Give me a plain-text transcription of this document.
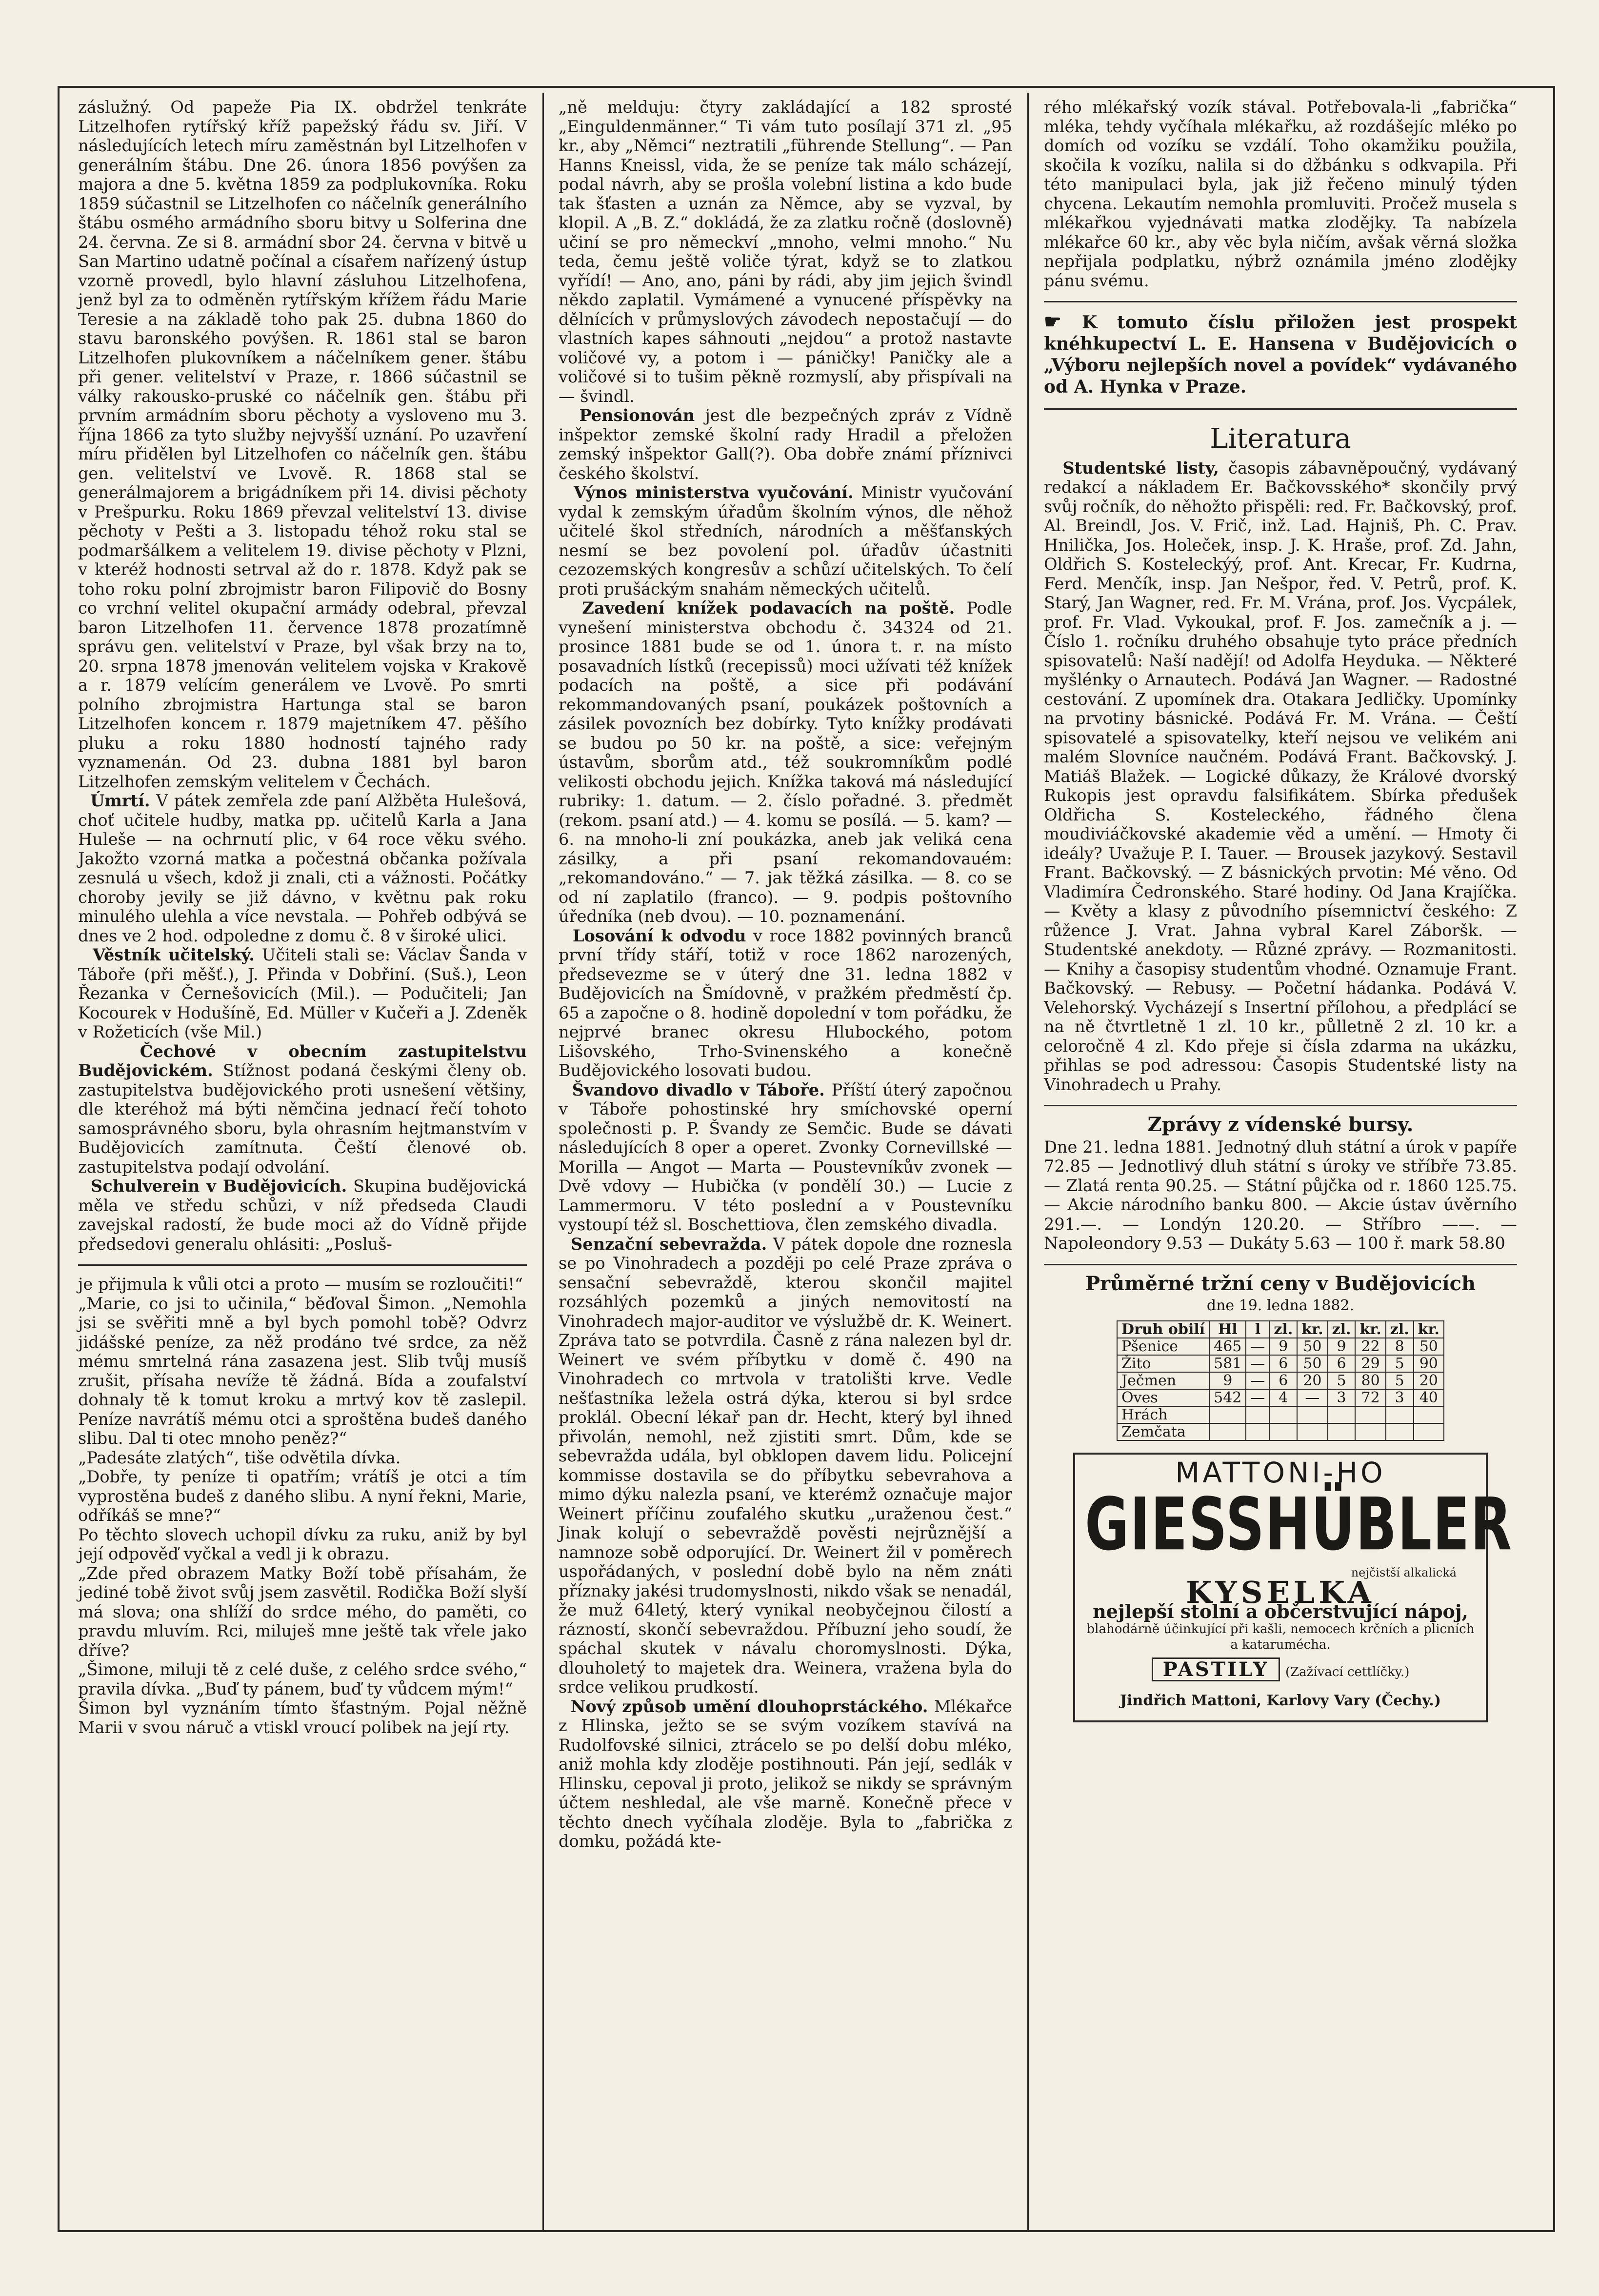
záslužný. Od papeže Pia IX. obdržel tenkráte Litzelhofen rytířský kříž papežský řádu sv. Jiří. V následujících letech míru zaměstnán byl Litzelhofen v generálním štábu. Dne 26. února 1856 povýšen za majora a dne 5. května 1859 za podplukovníka. Roku 1859 súčastnil se Litzelhofen co náčelník generálního štábu osmého armádního sboru bitvy u Solferina dne 24. června. Ze si 8. armádní sbor 24. června v bitvě u San Martino udatně počínal a císařem nařízený ústup vzorně provedl, bylo hlavní zásluhou Litzelhofena, jenž byl za to odměněn rytířským křížem řádu Marie Teresie a na základě toho pak 25. dubna 1860 do stavu baronského povýšen. R. 1861 stal se baron Litzelhofen plukovníkem a náčelníkem gener. štábu při gener. velitelství v Praze, r. 1866 súčastnil se války rakousko-pruské co náčelník gen. štábu při prvním armádním sboru pěchoty a vysloveno mu 3. října 1866 za tyto služby nejvyšší uznání. Po uzavření míru přidělen byl Litzelhofen co náčelník gen. štábu gen. velitelství ve Lvově. R. 1868 stal se generálmajorem a brigádníkem při 14. divisi pěchoty v Prešpurku. Roku 1869 převzal velitelství 13. divise pěchoty v Pešti a 3. listopadu téhož roku stal se podmaršálkem a velitelem 19. divise pěchoty v Plzni, v kteréž hodnosti setrval až do r. 1878. Když pak se toho roku polní zbrojmistr baron Filipovič do Bosny co vrchní velitel okupační armády odebral, převzal baron Litzelhofen 11. července 1878 prozatímně správu gen. velitelství v Praze, byl však brzy na to, 20. srpna 1878 jmenován velitelem vojska v Krakově a r. 1879 velícím generálem ve Lvově. Po smrti polního zbrojmistra Hartunga stal se baron Litzelhofen koncem r. 1879 majetníkem 47. pěšího pluku a roku 1880 hodností tajného rady vyznamenán. Od 23. dubna 1881 byl baron Litzelhofen zemským velitelem v Čechách.

Úmrtí. V pátek zemřela zde paní Alžběta Hulešová, choť učitele hudby, matka pp. učitelů Karla a Jana Huleše — na ochrnutí plic, v 64 roce věku svého. Jakožto vzorná matka a počestná občanka požívala zesnulá u všech, kdož ji znali, cti a vážnosti. Počátky choroby jevily se již dávno, v květnu pak roku minulého ulehla a více nevstala. — Pohřeb odbývá se dnes ve 2 hod. odpoledne z domu č. 8 v široké ulici.

Věstník učitelský. Učiteli stali se: Václav Šanda v Táboře (při měšť.), J. Přinda v Dobřiní. (Suš.), Leon Řezanka v Černešovicích (Mil.). — Podučiteli; Jan Kocourek v Hodušíně, Ed. Müller v Kučeři a J. Zdeněk v Rožeticích (vše Mil.)

Čechové v obecním zastupitelstvu Budějovickém. Stížnost podaná českými členy ob. zastupitelstva budějovického proti usnešení většiny, dle kteréhož má býti němčina jednací řečí tohoto samosprávného sboru, byla ohrasním hejtmanstvím v Budějovicích zamítnuta. Čeští členové ob. zastupitelstva podají odvolání.

Schulverein v Budějovicích. Skupina budějovická měla ve středu schůzi, v níž předseda Claudi zavejskal radostí, že bude moci až do Vídně přijde předsedovi generalu ohlásiti: „Posluš-

je přijmula k vůli otci a proto — musím se rozloučiti!“

„Marie, co jsi to učinila,“ běďoval Šimon. „Nemohla jsi se svěřiti mně a byl bych pomohl tobě? Odvrz jidášské peníze, za něž prodáno tvé srdce, za něž mému smrtelná rána zasazena jest. Slib tvůj musíš zrušit, přísaha nevíže tě žádná. Bída a zoufalství dohnaly tě k tomut kroku a mrtvý kov tě zaslepil. Peníze navrátíš mému otci a sproštěna budeš daného slibu. Dal ti otec mnoho peněz?“

„Padesáte zlatých“, tiše odvětila dívka.

„Dobře, ty peníze ti opatřím; vrátíš je otci a tím vyprostěna budeš z daného slibu. A nyní řekni, Marie, odříkáš se mne?“

Po těchto slovech uchopil dívku za ruku, aniž by byl její odpověď vyčkal a vedl ji k obrazu.

„Zde před obrazem Matky Boží tobě přísahám, že jediné tobě život svůj jsem zasvětil. Rodička Boží slyší má slova; ona shlíží do srdce mého, do paměti, co pravdu mluvím. Rci, miluješ mne ještě tak vřele jako dříve?

„Šimone, miluji tě z celé duše, z celého srdce svého,“ pravila dívka. „Buď ty pánem, buď ty vůdcem mým!“

Šimon byl vyznáním tímto šťastným. Pojal něžně Marii v svou náruč a vtiskl vroucí polibek na její rty.

„ně melduju: čtyry zakládající a 182 sprosté „Einguldenmänner.“ Ti vám tuto posílají 371 zl. „95 kr., aby „Němci“ neztratili „führende Stellung“. — Pan Hanns Kneissl, vida, že se peníze tak málo scházejí, podal návrh, aby se prošla volební listina a kdo bude tak šťasten a uznán za Němce, aby se vyzval, by klopil. A „B. Z.“ dokládá, že za zlatku ročně (doslovně) učiní se pro německví „mnoho, velmi mnoho.“ Nu teda, čemu ještě voliče týrat, když se to zlatkou vyřídí! — Ano, ano, páni by rádi, aby jim jejich švindl někdo zaplatil. Vymámené a vynucené příspěvky na dělnících v průmyslových závodech nepostačují — do vlastních kapes sáhnouti „nejdou“ a protož nastavte voličové vy, a potom i — páničky! Paničky ale a voličové si to tušim pěkně rozmyslí, aby přispívali na — švindl.

Pensionován jest dle bezpečných zpráv z Vídně inšpektor zemské školní rady Hradil a přeložen zemský inšpektor Gall(?). Oba dobře známí příznivci českého školství.

Výnos ministerstva vyučování. Ministr vyučování vydal k zemským úřadům školním výnos, dle něhož učitelé škol středních, národních a měšťanských nesmí se bez povolení pol. úřadův účastniti cezozemských kongresův a schůzí učitelských. To čelí proti prušáckým snahám německých učitelů.

Zavedení knížek podavacích na poště. Podle vynešení ministerstva obchodu č. 34324 od 21. prosince 1881 bude se od 1. února t. r. na místo posavadních lístků (recepissů) moci užívati též knížek podacích na poště, a sice při podávání rekommandovaných psaní, poukázek poštovních a zásilek povozních bez dobírky. Tyto knížky prodávati se budou po 50 kr. na poště, a sice: veřejným ústavům, sborům atd., též soukromníkům podlé velikosti obchodu jejich. Knížka taková má následující rubriky: 1. datum. — 2. číslo pořadné. 3. předmět (rekom. psaní atd.) — 4. komu se posílá. — 5. kam? — 6. na mnoho-li zní poukázka, aneb jak veliká cena zásilky, a při psaní rekomandovauém: „rekomandováno.“ — 7. jak těžká zásilka. — 8. co se od ní zaplatilo (franco). — 9. podpis poštovního úředníka (neb dvou). — 10. poznamenání.

Losování k odvodu v roce 1882 povinných branců první třídy stáří, totiž v roce 1862 narozených, předsevezme se v úterý dne 31. ledna 1882 v Budějovicích na Šmídovně, v pražkém předměstí čp. 65 a započne o 8. hodině dopolední v tom pořádku, že nejprvé branec okresu Hlubockého, potom Lišovského, Trho-Svinenského a konečně Budějovického losovati budou.

Švandovo divadlo v Táboře. Příští úterý započnou v Táboře pohostinské hry smíchovské operní společnosti p. P. Švandy ze Semčic. Bude se dávati následujících 8 oper a operet. Zvonky Cornevillské — Morilla — Angot — Marta — Poustevníkův zvonek — Dvě vdovy — Hubička (v pondělí 30.) — Lucie z Lammermoru. V této poslední a v Poustevníku vystoupí též sl. Boschettiova, člen zemského divadla.

Senzační sebevražda. V pátek dopole dne roznesla se po Vinohradech a později po celé Praze zpráva o sensační sebevraždě, kterou skončil majitel rozsáhlých pozemků a jiných nemovitostí na Vinohradech major-auditor ve výslužbě dr. K. Weinert. Zpráva tato se potvrdila. Časně z rána nalezen byl dr. Weinert ve svém příbytku v domě č. 490 na Vinohradech co mrtvola v tratolišti krve. Vedle nešťastníka ležela ostrá dýka, kterou si byl srdce proklál. Obecní lékař pan dr. Hecht, který byl ihned přivolán, nemohl, než zjistiti smrt. Dům, kde se sebevražda udála, byl obklopen davem lidu. Policejní kommisse dostavila se do příbytku sebevrahova a mimo dýku nalezla psaní, ve kterémž označuje major Weinert příčinu zoufalého skutku „uraženou čest.“ Jinak kolují o sebevraždě pověsti nejrůznější a namnoze sobě odporující. Dr. Weinert žil v poměrech uspořádaných, v poslední době bylo na něm znáti příznaky jakési trudomyslnosti, nikdo však se nenadál, že muž 64letý, který vynikal neobyčejnou čilostí a rázností, skončí sebevraždou. Příbuzní jeho soudí, že spáchal skutek v návalu choromyslnosti. Dýka, dlouholetý to majetek dra. Weinera, vražena byla do srdce velikou prudkostí.

Nový způsob umění dlouhoprstáckého. Mlékařce z Hlinska, ježto se se svým vozíkem stavívá na Rudolfovské silnici, ztrácelo se po delší dobu mléko, aniž mohla kdy zloděje postihnouti. Pán její, sedlák v Hlinsku, cepoval ji proto, jelikož se nikdy se správným účtem neshledal, ale vše marně. Konečně přece v těchto dnech vyčíhala zloděje. Byla to „fabrička z domku, požádá kte-

rého mlékařský vozík stával. Potřebovala-li „fabrička“ mléka, tehdy vyčíhala mlékařku, až rozdášejíc mléko po domích od vozíku se vzdálí. Toho okamžiku použila, skočila k vozíku, nalila si do džbánku s odkvapila. Při této manipulaci byla, jak již řečeno minulý týden chycena. Lekautím nemohla promluviti. Pročež musela s mlékařkou vyjednávati matka zlodějky. Ta nabízela mlékařce 60 kr., aby věc byla ničím, avšak věrná složka nepřijala podplatku, nýbrž oznámila jméno zlodějky pánu svému.

☛ K tomuto číslu přiložen jest prospekt knéhkupectví L. E. Hansena v Budějovicích o „Výboru nejlepších novel a povídek“ vydávaného od A. Hynka v Praze.

Literatura

Studentské listy, časopis zábavněpoučný, vydávaný redakcí a nákladem Er. Bačkovsského* skončily prvý svůj ročník, do něhožto přispěli: red. Fr. Bačkovský, prof. Al. Breindl, Jos. V. Frič, inž. Lad. Hajniš, Ph. C. Prav. Hnilička, Jos. Holeček, insp. J. K. Hraše, prof. Zd. Jahn, Oldřich S. Kosteleckýý, prof. Ant. Krecar, Fr. Kudrna, Ferd. Menčík, insp. Jan Nešpor, řed. V. Petrů, prof. K. Starý, Jan Wagner, red. Fr. M. Vrána, prof. Jos. Vycpálek, prof. Fr. Vlad. Vykoukal, prof. F. Jos. zamečník a j. — Číslo 1. ročníku druhého obsahuje tyto práce předních spisovatelů: Naší nadějí! od Adolfa Heyduka. — Některé myšlénky o Arnautech. Podává Jan Wagner. — Radostné cestování. Z upomínek dra. Otakara Jedličky. Upomínky na prvotiny básnické. Podává Fr. M. Vrána. — Čeští spisovatelé a spisovatelky, kteří nejsou ve velikém ani malém Slovníce naučném. Podává Frant. Bačkovský. J. Matiáš Blažek. — Logické důkazy, že Králové dvorský Rukopis jest opravdu falsifikátem. Sbírka předušek Oldřicha S. Kosteleckého, řádného člena moudiviáčkovské akademie věd a umění. — Hmoty či ideály? Uvažuje P. I. Tauer. — Brousek jazykový. Sestavil Frant. Bačkovský. — Z básnických prvotin: Mé věno. Od Vladimíra Čedronského. Staré hodiny. Od Jana Krajíčka. — Květy a klasy z původního písemnictví českého: Z růžence J. Vrat. Jahna vybral Karel Záboršk. — Studentské anekdoty. — Různé zprávy. — Rozmanitosti. — Knihy a časopisy studentům vhodné. Oznamuje Frant. Bačkovský. — Rebusy. — Početní hádanka. Podává V. Velehorský. Vycházejí s Insertní přílohou, a předplácí se na ně čtvrtletně 1 zl. 10 kr., půlletně 2 zl. 10 kr. a celoročně 4 zl. Kdo přeje si čísla zdarma na ukázku, přihlas se pod adressou: Časopis Studentské listy na Vinohradech u Prahy.

Zprávy z vídenské bursy.

Dne 21. ledna 1881. Jednotný dluh státní a úrok v papíře 72.85 — Jednotlivý dluh státní s úroky ve stříbře 73.85. — Zlatá renta 90.25. — Státní půjčka od r. 1860 125.75. — Akcie národního banku 800. — Akcie ústav úvěrního 291.—. — Londýn 120.20. — Stříbro ——. — Napoleondory 9.53 — Dukáty 5.63 — 100 ř. mark 58.80

Průměrné tržní ceny v Budějovicích
dne 19. ledna 1882.
Druh obilí	Hl	l	zl.	kr.	zl.	kr.	zl.	kr.
Pšenice	465	—	9	50	9	22	8	50
Žito	581	—	6	50	6	29	5	90
Ječmen	9	—	6	20	5	80	5	20
Oves	542	—	4	—	3	72	3	40
Hrách								
Zemčata								
MATTONI-HO
GIESSHÜBLER
nejčistší alkalická
KYSELKA
nejlepší stolní a občerstvující nápoj,
blahodárně účinkující při kašli, nemocech krčních a plicních a katarumécha.
PASTILY (Zažívací cettlíčky.)
Jindřich Mattoni, Karlovy Vary (Čechy.)
